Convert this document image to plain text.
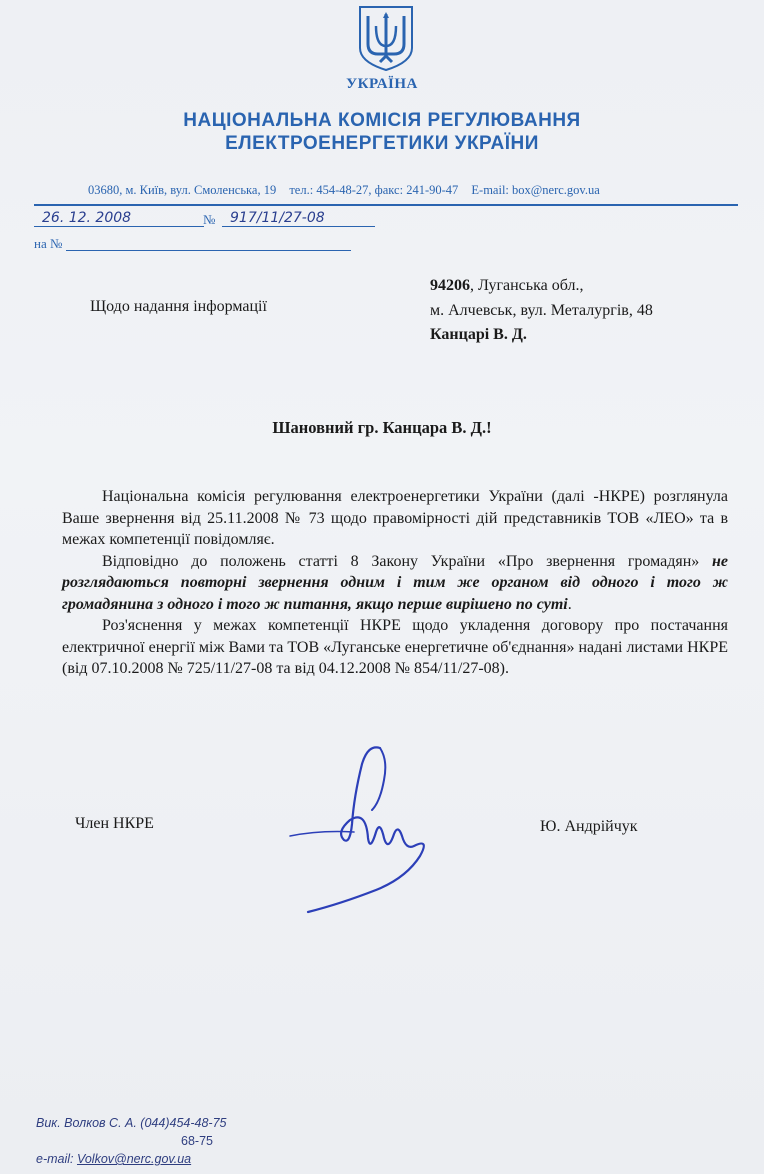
УКРАЇНА
НАЦІОНАЛЬНА КОМІСІЯ РЕГУЛЮВАННЯ
ЕЛЕКТРОЕНЕРГЕТИКИ УКРАЇНИ
03680, м. Київ, вул. Смоленська, 19 тел.: 454-48-27, факс: 241-90-47 E-mail: box@nerc.gov.ua
26. 12. 2008	№	917/11/27-08
на №
Щодо надання інформації
94206, Луганська обл.,
м. Алчевськ, вул. Металургів, 48
Канцарі В. Д.
Шановний гр. Канцара В. Д.!

Національна комісія регулювання електроенергетики України (далі -НКРЕ) розглянула Ваше звернення від 25.11.2008 № 73 щодо правомірності дій представників ТОВ «ЛЕО» та в межах компетенції повідомляє.

Відповідно до положень статті 8 Закону України «Про звернення громадян» не розглядаються повторні звернення одним і тим же органом від одного і того ж громадянина з одного і того ж питання, якщо перше вирішено по суті.

Роз'яснення у межах компетенції НКРЕ щодо укладення договору про постачання електричної енергії між Вами та ТОВ «Луганське енергетичне об'єднання» надані листами НКРЕ (від 07.10.2008 № 725/11/27-08 та від 04.12.2008 № 854/11/27-08).

Член НКРЕ	Ю. Андрійчук
Вик. Волков С. А. (044)454-48-75
68-75
e-mail: Volkov@nerc.gov.ua
